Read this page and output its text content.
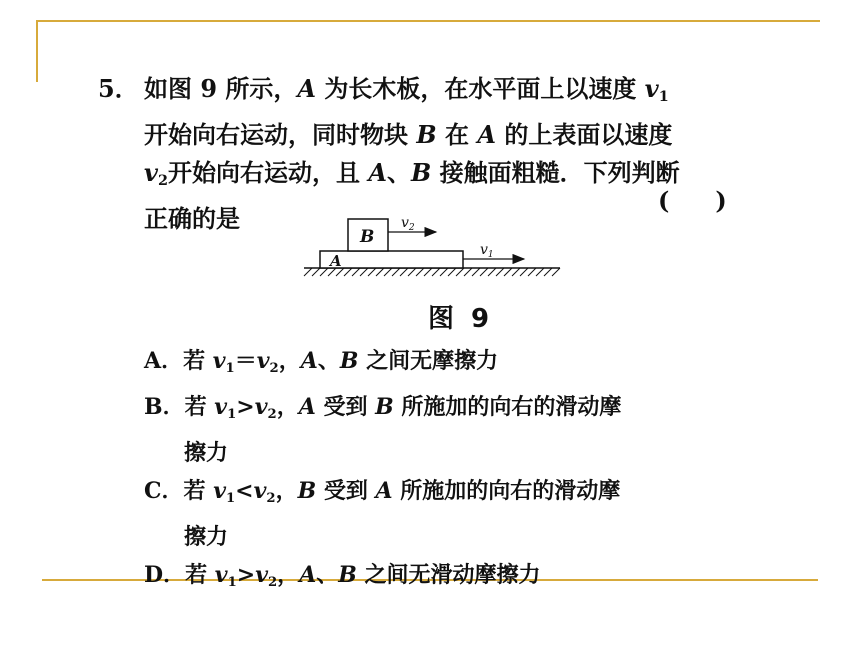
5． 如图 9 所示，A 为长木板，在水平面上以速度 $v_1$
开始向右运动，同时物块 B 在 A 的上表面以速度
$v_2$开始向右运动，且 A、B 接触面粗糙．下列判断
正确的是
( )
A
B
$v_2$
$v_1$
图 9
A．若 $v_1=v_2$，A、B 之间无摩擦力
B．若 $v_1>v_2$，A 受到 B 所施加的向右的滑动摩
擦力
C．若 $v_1<v_2$，B 受到 A 所施加的向右的滑动摩
擦力
D．若 $v_1>v_2$，A、B 之间无滑动摩擦力
